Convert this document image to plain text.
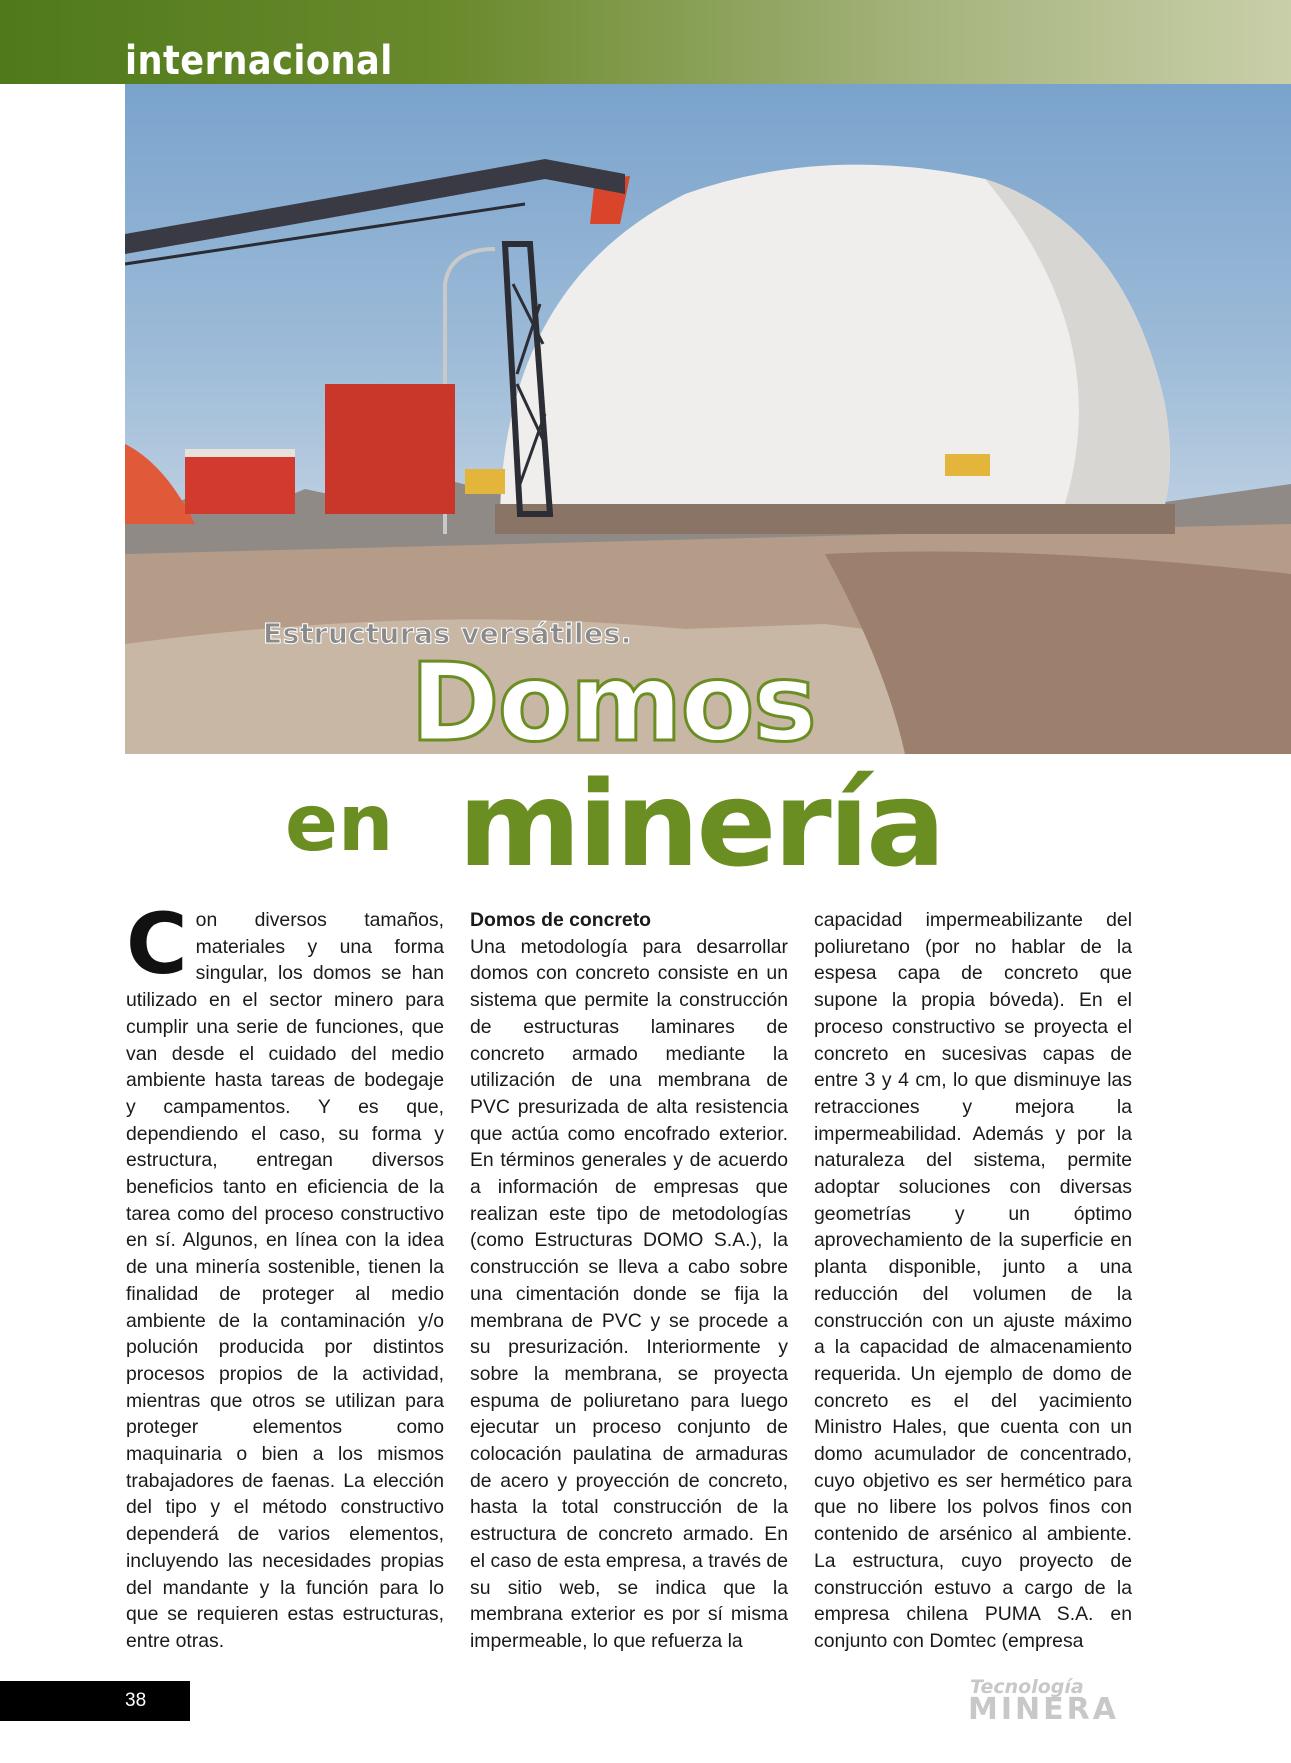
internacional
Estructuras versátiles.
Domos
en minería

Con diversos tamaños, materiales y una forma singular, los domos se han utilizado en el sector minero para cumplir una serie de funciones, que van desde el cuidado del medio ambiente hasta tareas de bodegaje y campamentos. Y es que, dependiendo el caso, su forma y estructura, entregan diversos beneficios tanto en eficiencia de la tarea como del proceso constructivo en sí. Algunos, en línea con la idea de una minería sostenible, tienen la finalidad de proteger al medio ambiente de la contaminación y/o polución producida por distintos procesos propios de la actividad, mientras que otros se utilizan para proteger elementos como maquinaria o bien a los mismos trabajadores de faenas. La elección del tipo y el método constructivo dependerá de varios elementos, incluyendo las necesidades propias del mandante y la función para lo que se requieren estas estructuras, entre otras.

Domos de concreto
Una metodología para desarrollar domos con concreto consiste en un sistema que permite la construcción de estructuras laminares de concreto armado mediante la utilización de una membrana de PVC presurizada de alta resistencia que actúa como encofrado exterior. En términos generales y de acuerdo a información de empresas que realizan este tipo de metodologías (como Estructuras DOMO S.A.), la construcción se lleva a cabo sobre una cimentación donde se fija la membrana de PVC y se procede a su presurización. Interiormente y sobre la membrana, se proyecta espuma de poliuretano para luego ejecutar un proceso conjunto de colocación paulatina de armaduras de acero y proyección de concreto, hasta la total construcción de la estructura de concreto armado. En el caso de esta empresa, a través de su sitio web, se indica que la membrana exterior es por sí misma impermeable, lo que refuerza la

capacidad impermeabilizante del poliuretano (por no hablar de la espesa capa de concreto que supone la propia bóveda). En el proceso constructivo se proyecta el concreto en sucesivas capas de entre 3 y 4 cm, lo que disminuye las retracciones y mejora la impermeabilidad. Además y por la naturaleza del sistema, permite adoptar soluciones con diversas geometrías y un óptimo aprovechamiento de la superficie en planta disponible, junto a una reducción del volumen de la construcción con un ajuste máximo a la capacidad de almacenamiento requerida. Un ejemplo de domo de concreto es el del yacimiento Ministro Hales, que cuenta con un domo acumulador de concentrado, cuyo objetivo es ser hermético para que no libere los polvos finos con contenido de arsénico al ambiente. La estructura, cuyo proyecto de construcción estuvo a cargo de la empresa chilena PUMA S.A. en conjunto con Domtec (empresa

38

Tecnología
MINERA
